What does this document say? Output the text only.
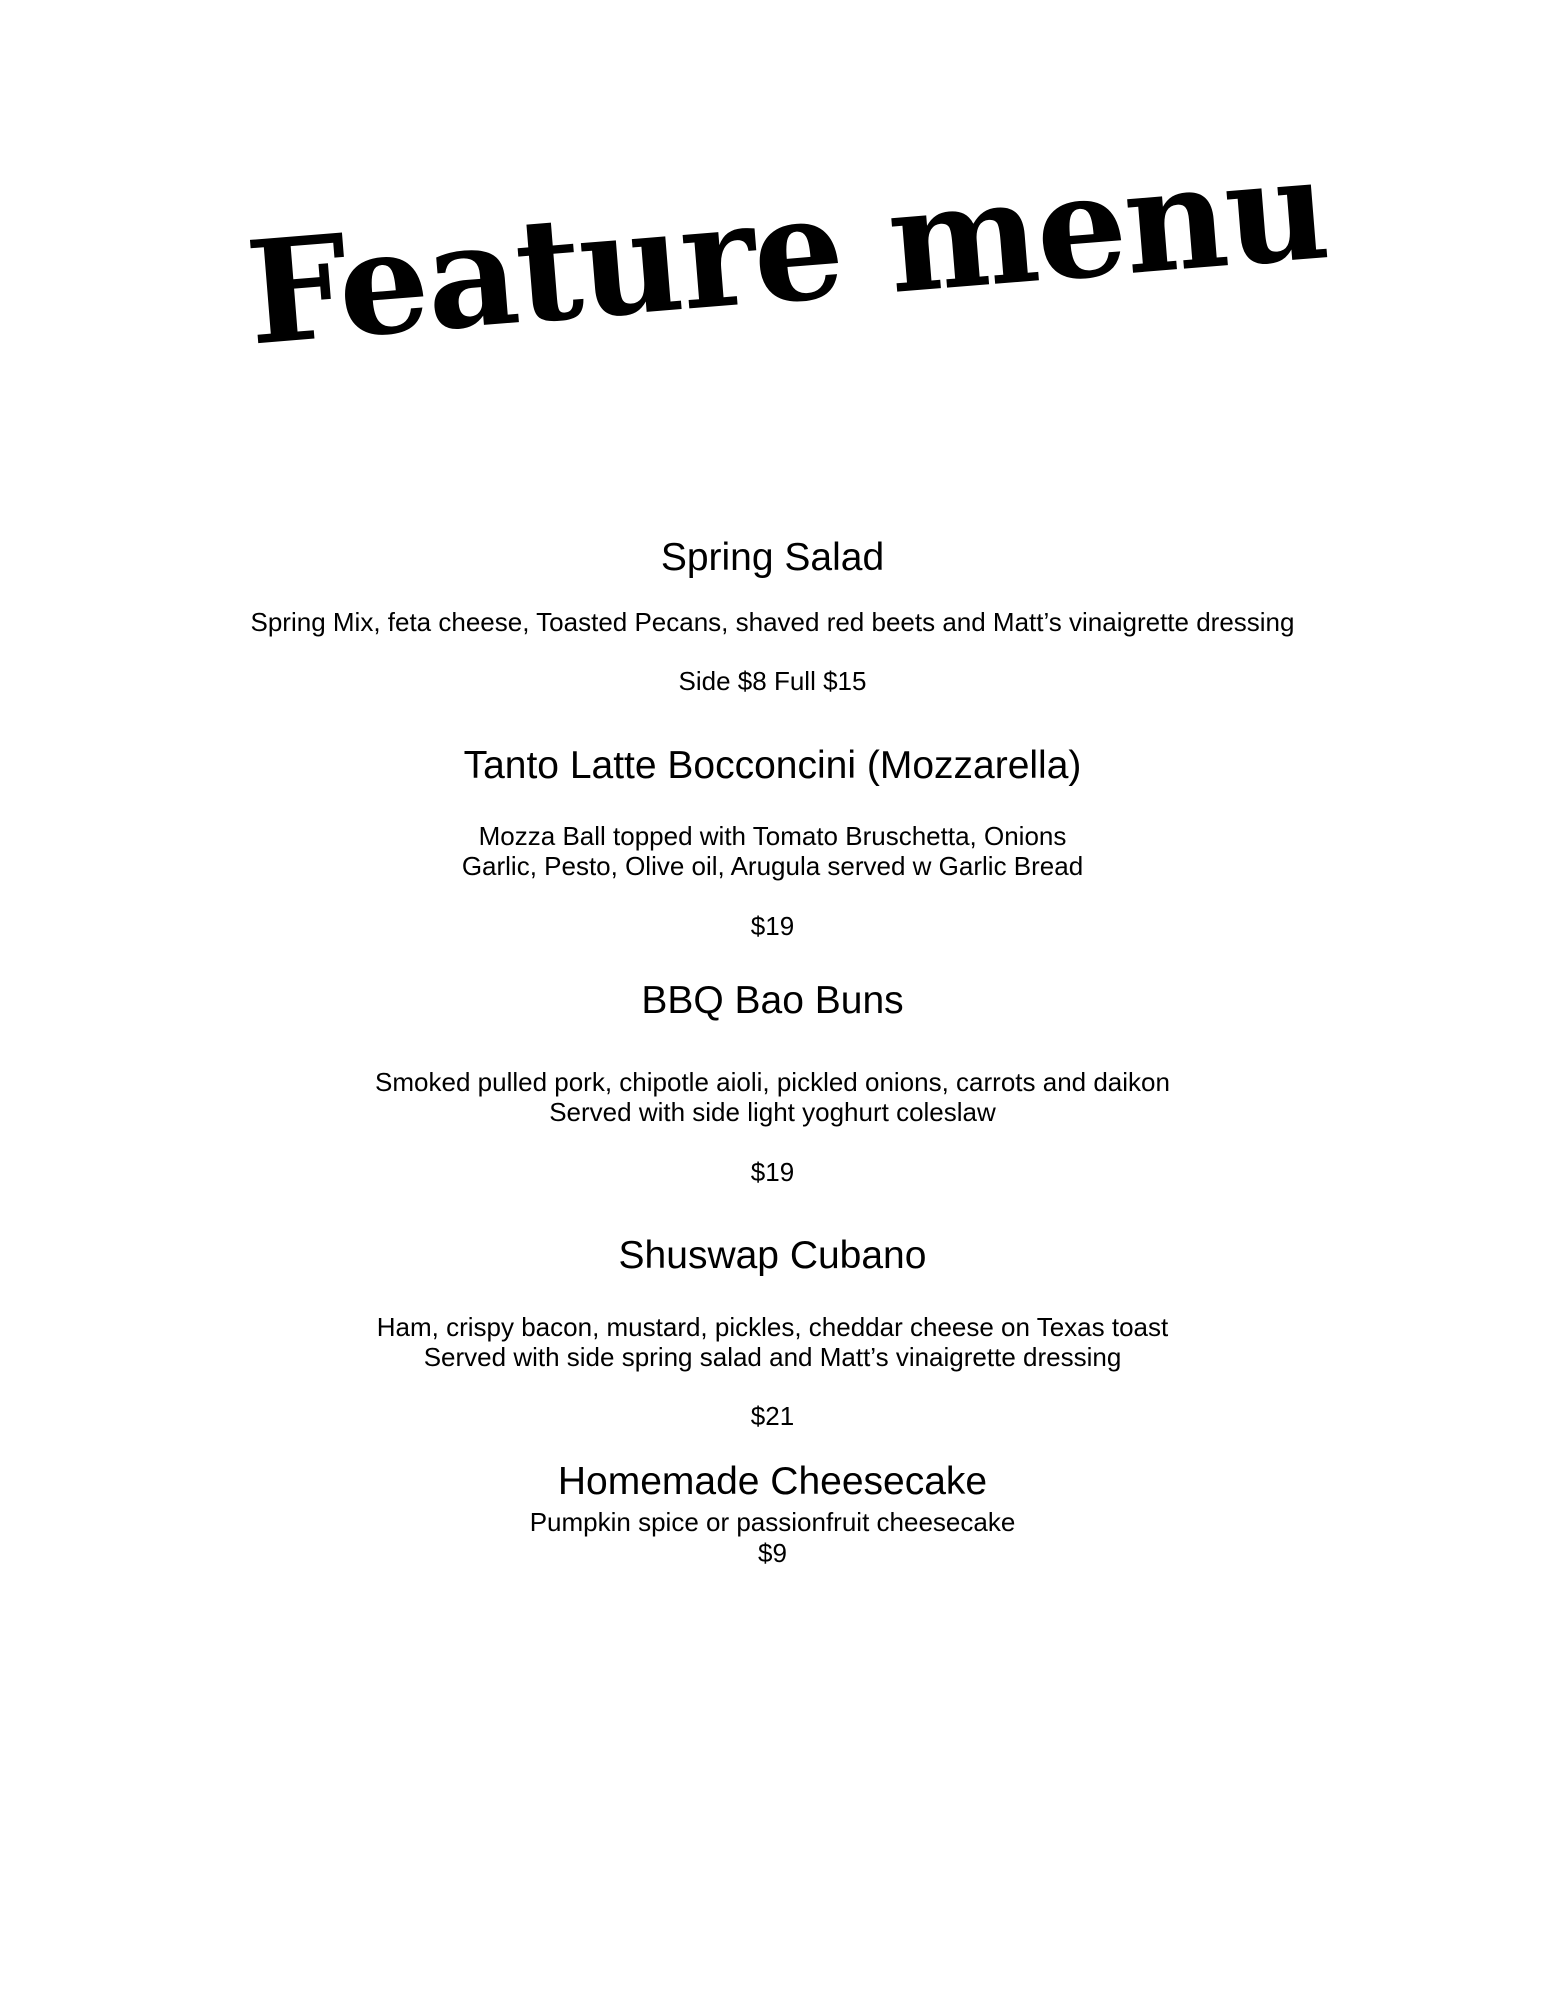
Feature menu
Spring Salad

Spring Mix, feta cheese, Toasted Pecans, shaved red beets and Matt’s vinaigrette dressing

Side $8 Full $15

Tanto Latte Bocconcini (Mozzarella)

Mozza Ball topped with Tomato Bruschetta, Onions

Garlic, Pesto, Olive oil, Arugula served w Garlic Bread

$19

BBQ Bao Buns

Smoked pulled pork, chipotle aioli, pickled onions, carrots and daikon

Served with side light yoghurt coleslaw

$19

Shuswap Cubano

Ham, crispy bacon, mustard, pickles, cheddar cheese on Texas toast

Served with side spring salad and Matt’s vinaigrette dressing

$21

Homemade Cheesecake

Pumpkin spice or passionfruit cheesecake

$9
